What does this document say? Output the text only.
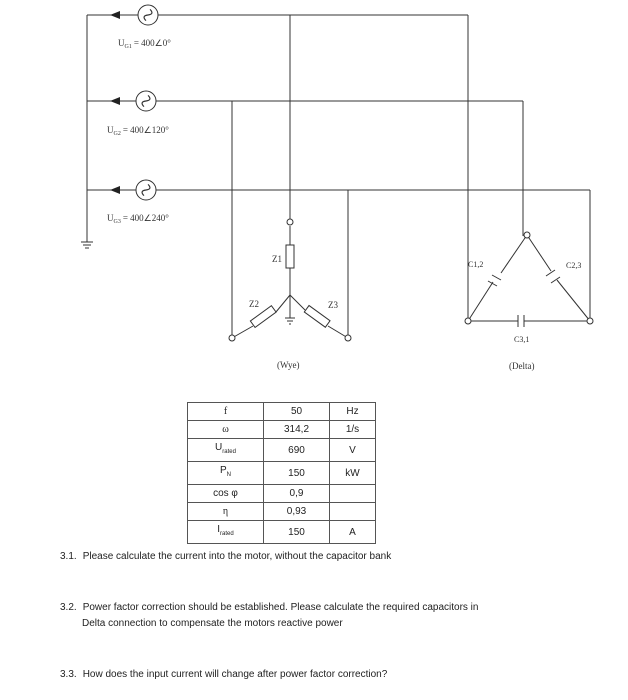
$U_{G1}$ = 400∠0°
$U_{G2}$ = 400∠120°
$U_{G3}$ = 400∠240°
Z1
Z2	Z3
(Wye)
C1,2	C2,3
C3,1
(Delta)
f	50	Hz
ω	314,2	1/s
$U_{rated}$	690	V
$P_N$	150	kW
cos φ	0,9	
η	0,93	
$I_{rated}$	150	A
3.1. Please calculate the current into the motor, without the capacitor bank
3.2. Power factor correction should be established. Please calculate the required capacitors in
Delta connection to compensate the motors reactive power
3.3. How does the input current will change after power factor correction?
